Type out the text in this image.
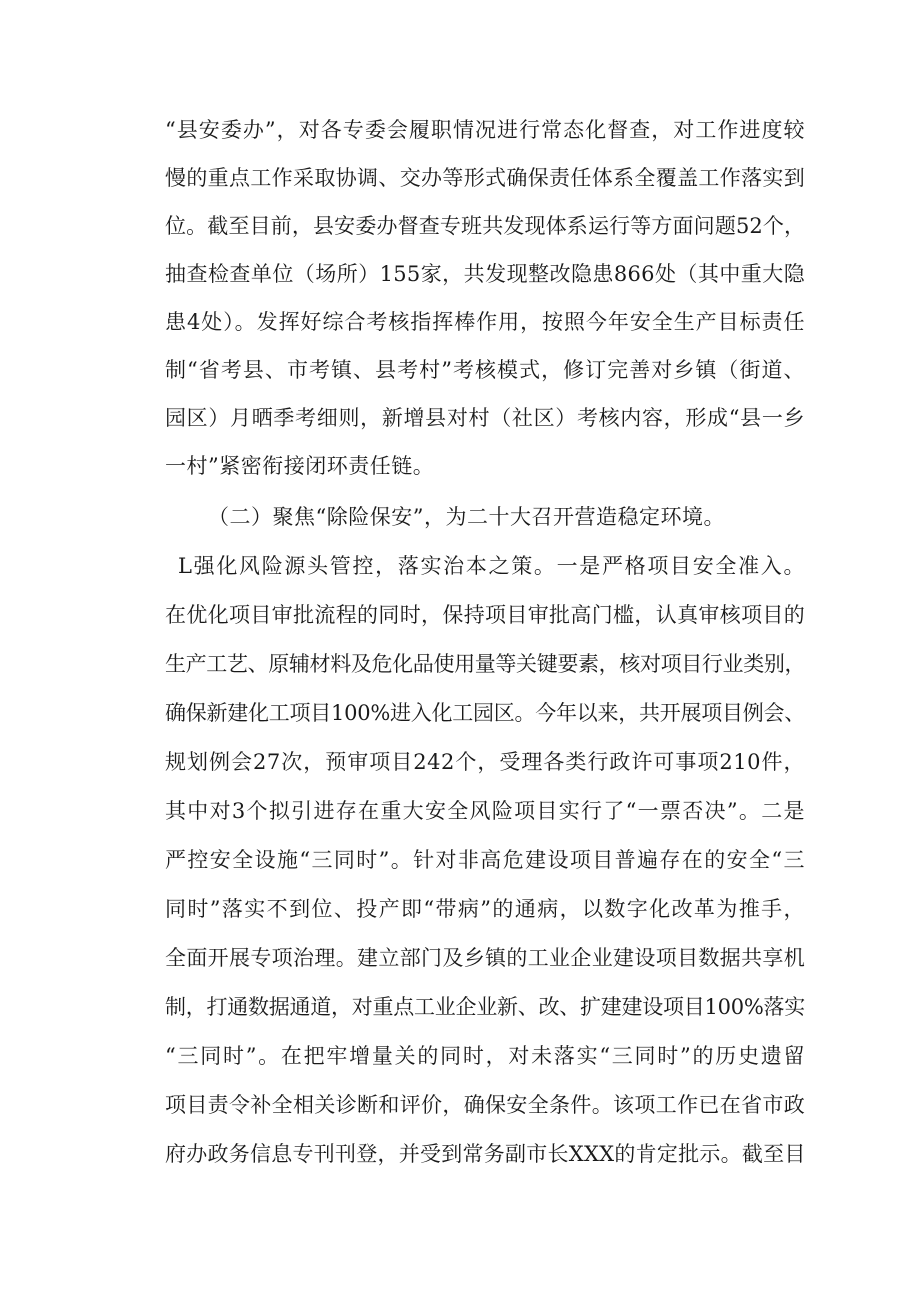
“县安委办”，对各专委会履职情况进行常态化督查，对工作进度较
慢的重点工作采取协调、交办等形式确保责任体系全覆盖工作落实到
位。截至目前，县安委办督查专班共发现体系运行等方面问题52个，
抽查检查单位（场所）155家，共发现整改隐患866处（其中重大隐
患4处）。发挥好综合考核指挥棒作用，按照今年安全生产目标责任
制“省考县、市考镇、县考村”考核模式，修订完善对乡镇（街道、
园区）月晒季考细则，新增县对村（社区）考核内容，形成“县一乡
一村”紧密衔接闭环责任链。
（二）聚焦“除险保安”，为二十大召开营造稳定环境。
L强化风险源头管控，落实治本之策。一是严格项目安全准入。
在优化项目审批流程的同时，保持项目审批高门槛，认真审核项目的
生产工艺、原辅材料及危化品使用量等关键要素，核对项目行业类别，
确保新建化工项目100%进入化工园区。今年以来，共开展项目例会、
规划例会27次，预审项目242个，受理各类行政许可事项210件，
其中对3个拟引进存在重大安全风险项目实行了“一票否决”。二是
严控安全设施“三同时”。针对非高危建设项目普遍存在的安全“三
同时”落实不到位、投产即“带病”的通病，以数字化改革为推手，
全面开展专项治理。建立部门及乡镇的工业企业建设项目数据共享机
制，打通数据通道，对重点工业企业新、改、扩建建设项目100%落实
“三同时”。在把牢增量关的同时，对未落实“三同时”的历史遗留
项目责令补全相关诊断和评价，确保安全条件。该项工作已在省市政
府办政务信息专刊刊登，并受到常务副市长XXX的肯定批示。截至目
